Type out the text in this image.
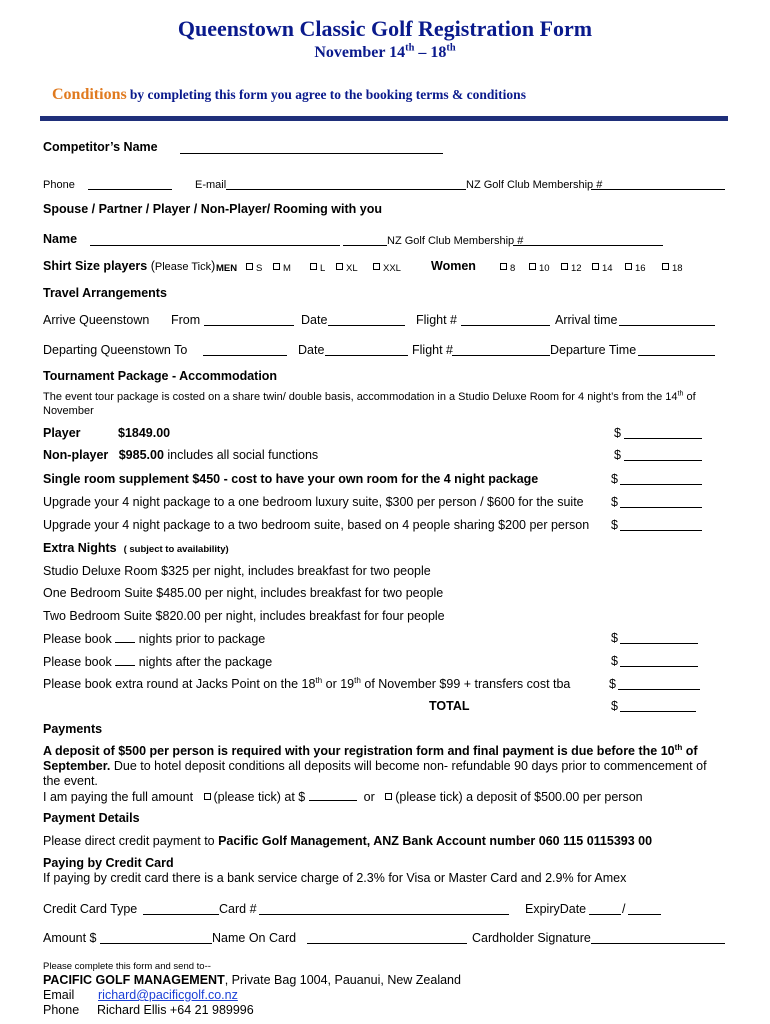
Queenstown Classic Golf Registration Form
November 14th – 18th
Conditions by completing this form you agree to the booking terms & conditions
Competitor’s Name
Phone	E-mail	NZ Golf Club Membership #
Spouse / Partner / Player / Non-Player/ Rooming with you
Name	NZ Golf Club Membership #
Shirt Size players (Please Tick) MEN	S	M	L	XL	XXL Women	8	10	12	14	16	18
Travel Arrangements
Arrive Queenstown From	Date	Flight #	Arrival time
Departing Queenstown To	Date	Flight #	Departure Time
Tournament Package - Accommodation
The event tour package is costed on a share twin/ double basis, accommodation in a Studio Deluxe Room for 4 night’s from the 14th of
November
Player	$1849.00	$
Non-player $985.00 includes all social functions	$
Single room supplement $450 - cost to have your own room for the 4 night package	$
Upgrade your 4 night package to a one bedroom luxury suite, $300 per person / $600 for the suite $
Upgrade your 4 night package to a two bedroom suite, based on 4 people sharing $200 per person $
Extra Nights ( subject to availability)
Studio Deluxe Room $325 per night, includes breakfast for two people
One Bedroom Suite $485.00 per night, includes breakfast for two people
Two Bedroom Suite $820.00 per night, includes breakfast for four people
Please book nights prior to package	$
Please book nights after the package	$
Please book extra round at Jacks Point on the 18th or 19th of November $99 + transfers cost tba	$
TOTAL	$
Payments
A deposit of $500 per person is required with your registration form and final payment is due before the 10th of
September. Due to hotel deposit conditions all deposits will become non- refundable 90 days prior to commencement of
the event.
I am paying the full amount (please tick) at $	or (please tick) a deposit of $500.00 per person
Payment Details
Please direct credit payment to Pacific Golf Management, ANZ Bank Account number 060 115 0115393 00
Paying by Credit Card
If paying by credit card there is a bank service charge of 2.3% for Visa or Master Card and 2.9% for Amex
Credit Card Type	Card #	ExpiryDate	/
Amount $	Name On Card	Cardholder Signature
Please complete this form and send to--
PACIFIC GOLF MANAGEMENT, Private Bag 1004, Pauanui, New Zealand
Email richard@pacificgolf.co.nz
Phone Richard Ellis +64 21 989996
